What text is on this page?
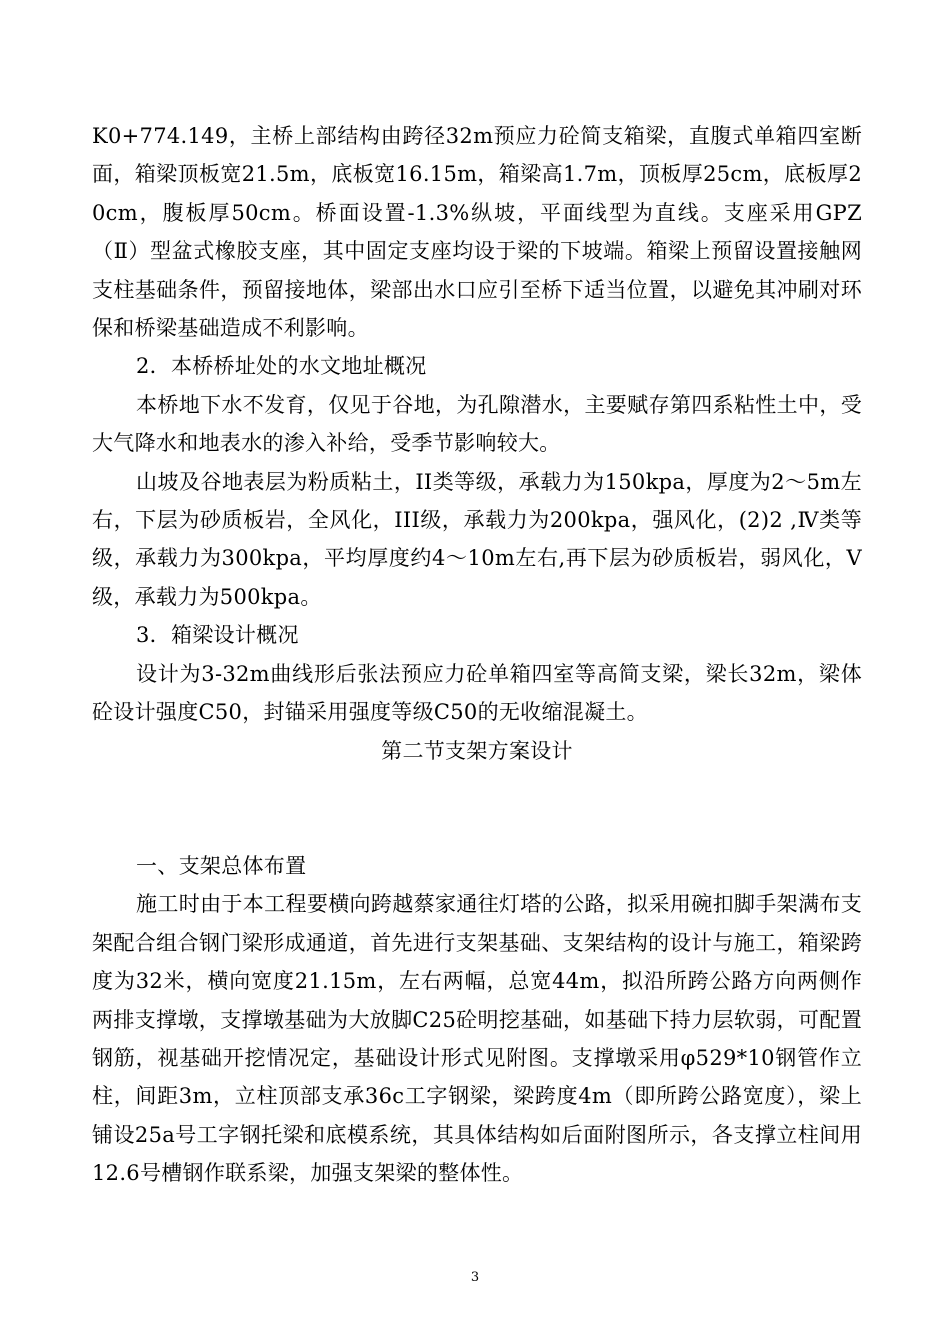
K0+774.149，主桥上部结构由跨径32m预应力砼简支箱梁，直腹式单箱四室断面，箱梁顶板宽21.5m，底板宽16.15m，箱梁高1.7m，顶板厚25cm，底板厚20cm，腹板厚50cm。桥面设置-1.3%纵坡，平面线型为直线。支座采用GPZ（Ⅱ）型盆式橡胶支座，其中固定支座均设于梁的下坡端。箱梁上预留设置接触网支柱基础条件，预留接地体，梁部出水口应引至桥下适当位置，以避免其冲刷对环保和桥梁基础造成不利影响。

2．本桥桥址处的水文地址概况

本桥地下水不发育，仅见于谷地，为孔隙潜水，主要赋存第四系粘性土中，受大气降水和地表水的渗入补给，受季节影响较大。

山坡及谷地表层为粉质粘土，II类等级，承载力为150kpa，厚度为2～5m左右，下层为砂质板岩，全风化，III级，承载力为200kpa，强风化，(2)2 ,Ⅳ类等级，承载力为300kpa，平均厚度约4～10m左右,再下层为砂质板岩，弱风化，Ⅴ级，承载力为500kpa。

3．箱梁设计概况

设计为3-32m曲线形后张法预应力砼单箱四室等高简支梁，梁长32m，梁体砼设计强度C50，封锚采用强度等级C50的无收缩混凝土。

第二节支架方案设计

一、支架总体布置

施工时由于本工程要横向跨越蔡家通往灯塔的公路，拟采用碗扣脚手架满布支架配合组合钢门梁形成通道，首先进行支架基础、支架结构的设计与施工，箱梁跨度为32米，横向宽度21.15m，左右两幅，总宽44m，拟沿所跨公路方向两侧作两排支撑墩，支撑墩基础为大放脚C25砼明挖基础，如基础下持力层软弱，可配置钢筋，视基础开挖情况定，基础设计形式见附图。支撑墩采用φ529*10钢管作立柱，间距3m，立柱顶部支承36c工字钢梁，梁跨度4m（即所跨公路宽度），梁上铺设25a号工字钢托梁和底模系统，其具体结构如后面附图所示，各支撑立柱间用12.6号槽钢作联系梁，加强支架梁的整体性。

3
